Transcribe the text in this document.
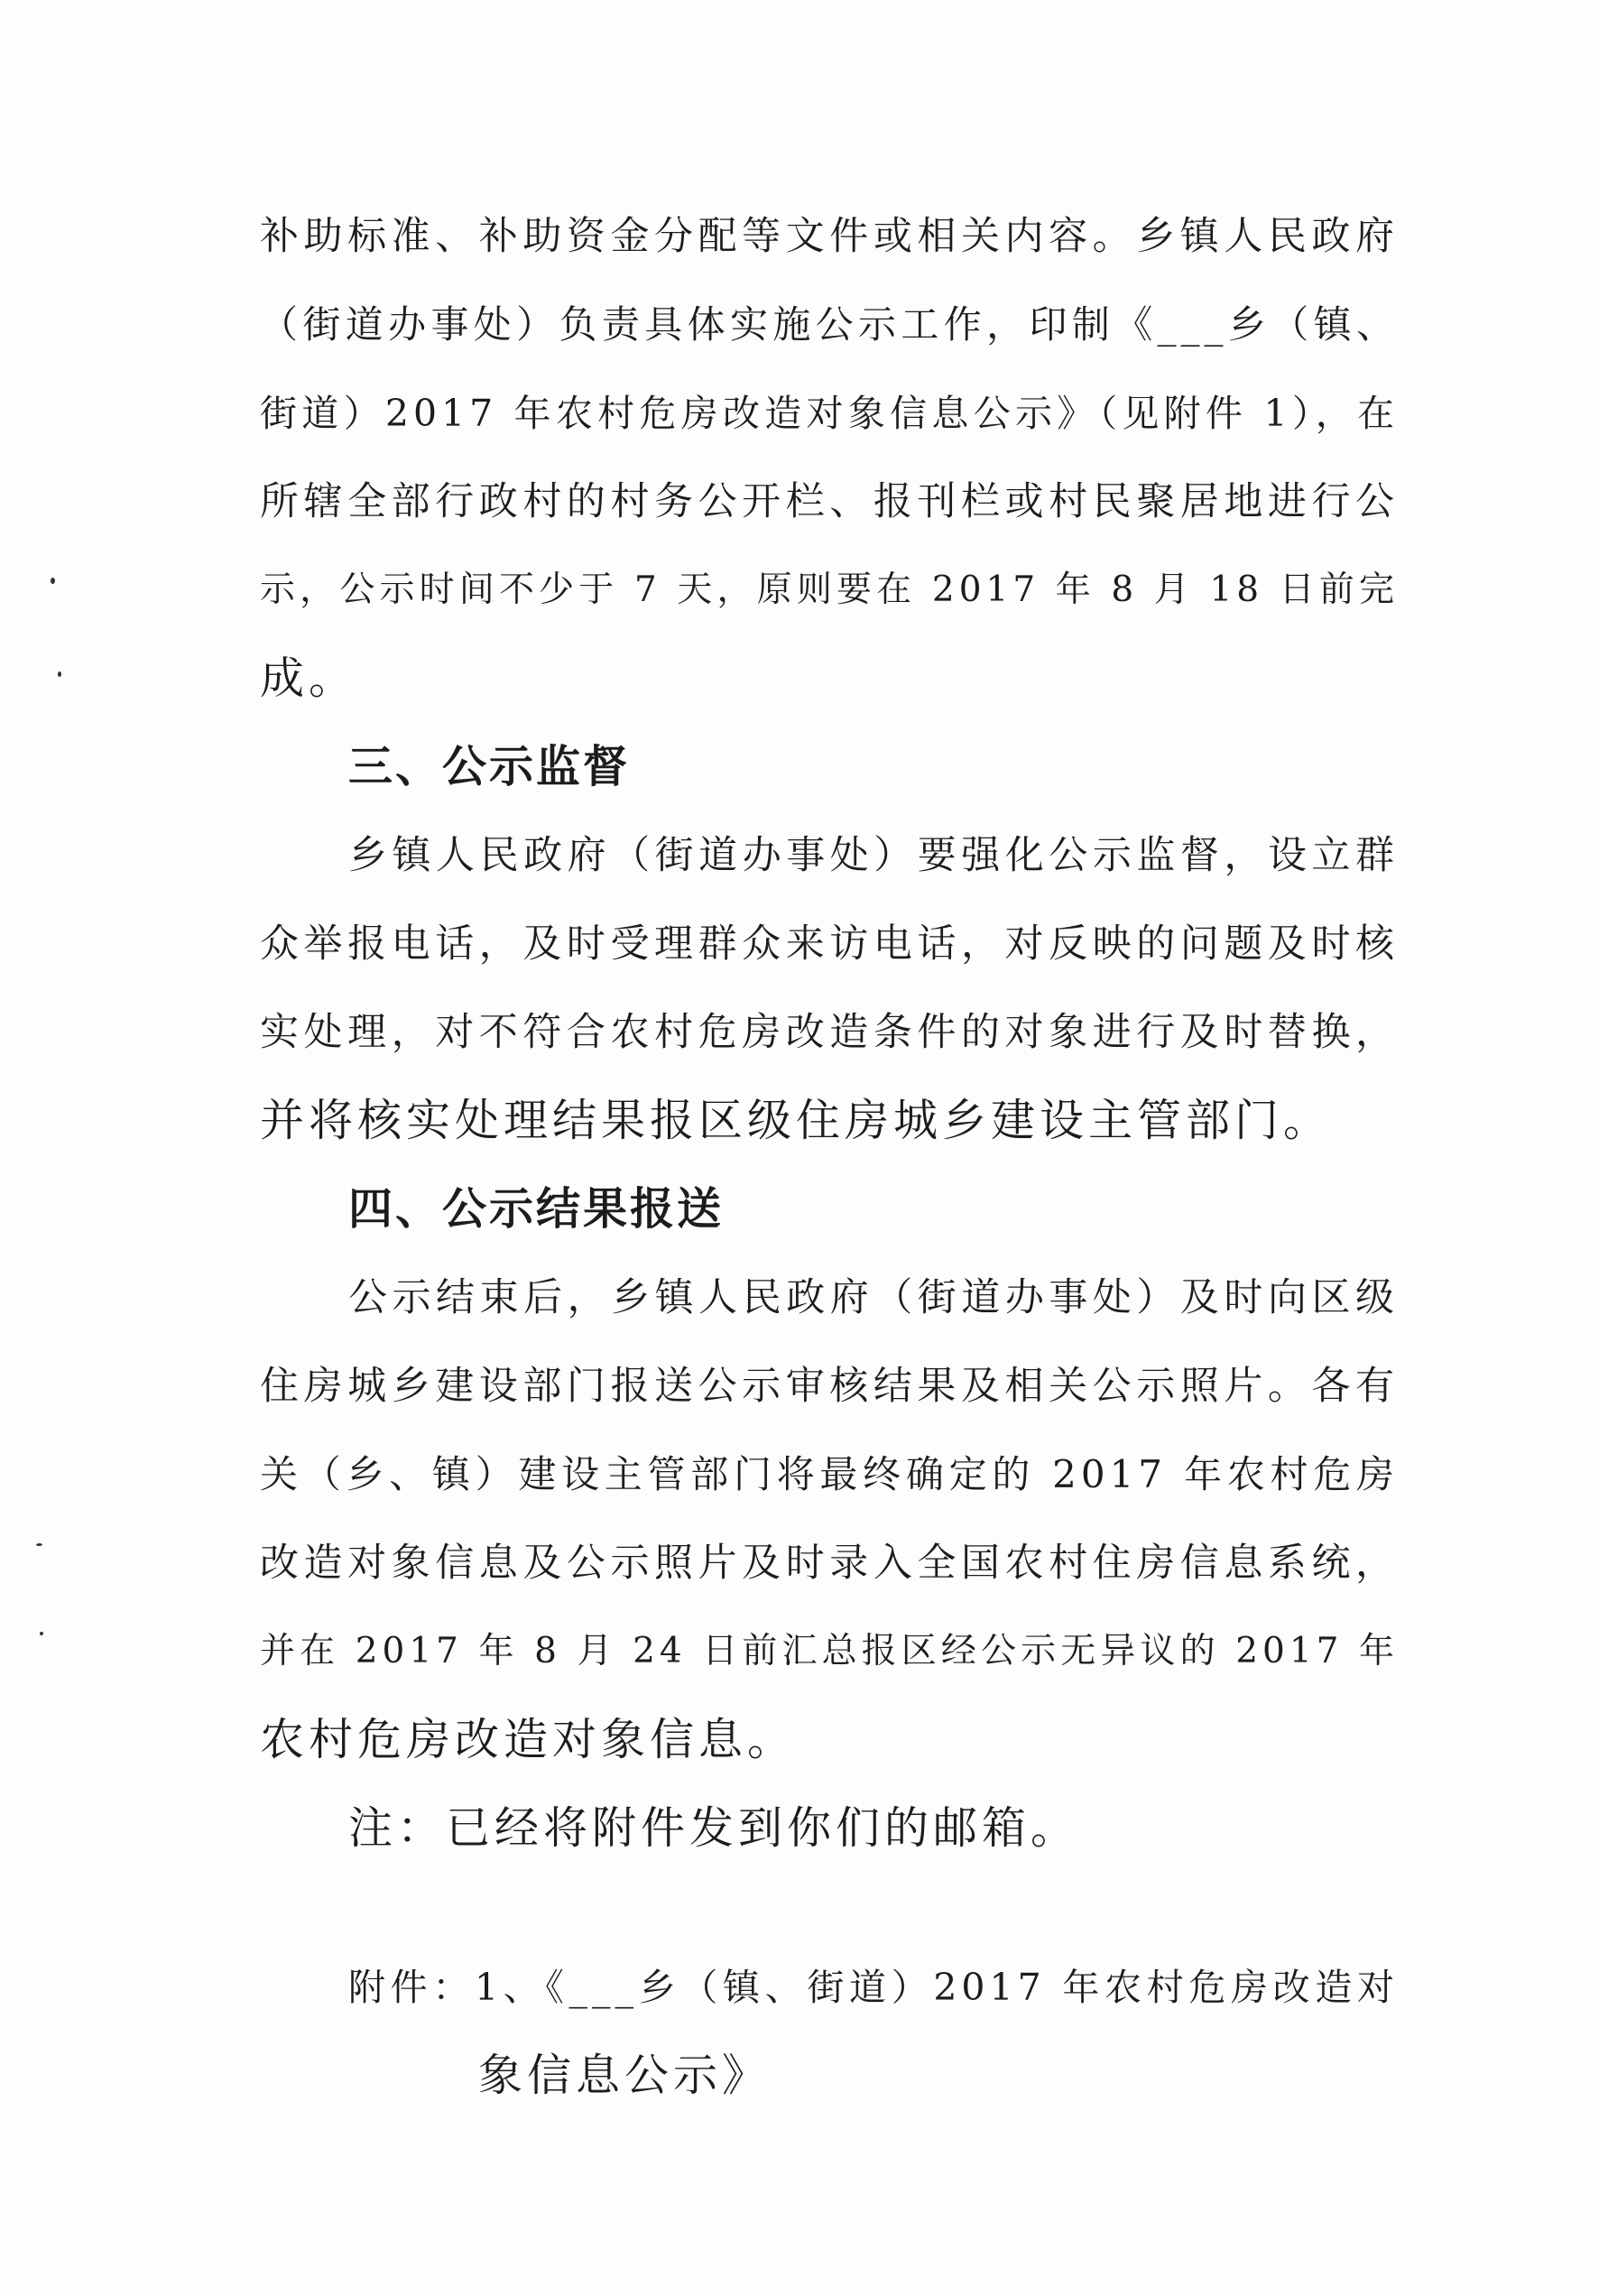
补助标准、补助资金分配等文件或相关内容。乡镇人民政府
（街道办事处）负责具体实施公示工作，印制《___乡（镇、
街道）2017 年农村危房改造对象信息公示》（见附件 1），在
所辖全部行政村的村务公开栏、报刊栏或村民聚居地进行公
示，公示时间不少于 7 天，原则要在 2017 年 8 月 18 日前完
成。
三、公示监督
乡镇人民政府（街道办事处）要强化公示监督，设立群
众举报电话，及时受理群众来访电话，对反映的问题及时核
实处理，对不符合农村危房改造条件的对象进行及时替换，
并将核实处理结果报区级住房城乡建设主管部门。
四、公示结果报送
公示结束后，乡镇人民政府（街道办事处）及时向区级
住房城乡建设部门报送公示审核结果及相关公示照片。各有
关（乡、镇）建设主管部门将最终确定的 2017 年农村危房
改造对象信息及公示照片及时录入全国农村住房信息系统，
并在 2017 年 8 月 24 日前汇总报区经公示无异议的 2017 年
农村危房改造对象信息。
注：已经将附件发到你们的邮箱。
附件：1、《___乡（镇、街道）2017 年农村危房改造对
象信息公示》
